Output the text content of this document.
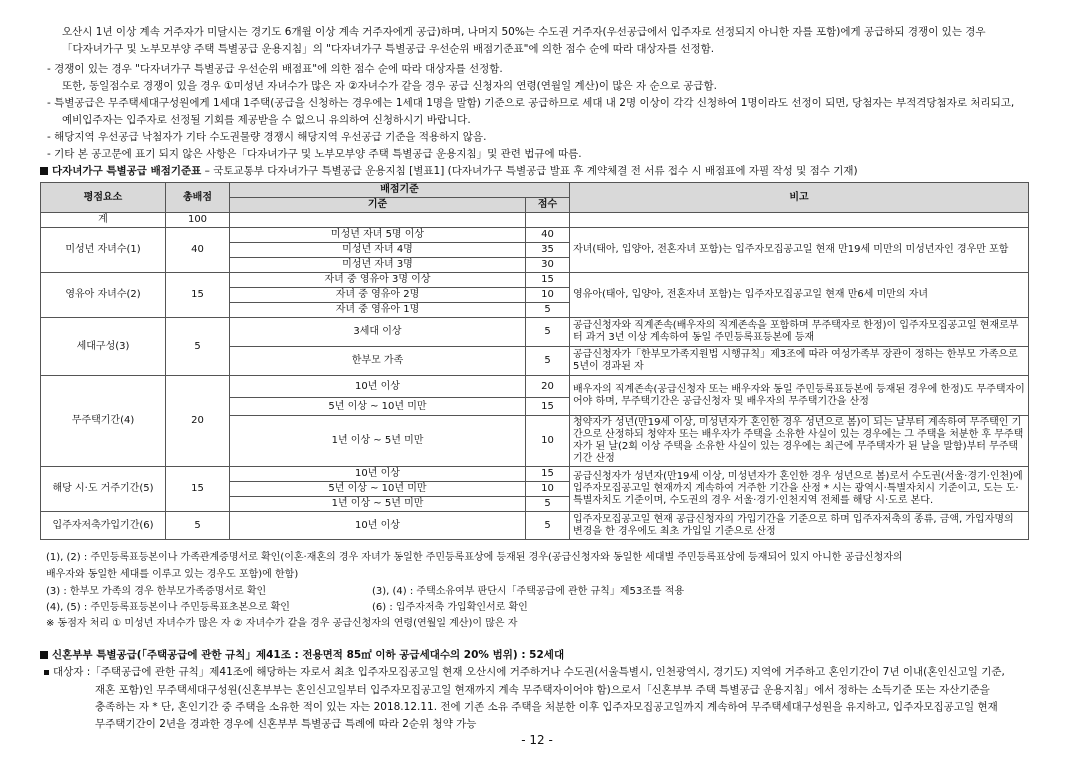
오산시 1년 이상 계속 거주자가 미달시는 경기도 6개월 이상 계속 거주자에게 공급)하며, 나머지 50%는 수도권 거주자(우선공급에서 입주자로 선정되지 아니한 자를 포함)에게 공급하되 경쟁이 있는 경우
「다자녀가구 및 노부모부양 주택 특별공급 운용지침」의 "다자녀가구 특별공급 우선순위 배점기준표"에 의한 점수 순에 따라 대상자를 선정함.
- 경쟁이 있는 경우 "다자녀가구 특별공급 우선순위 배점표"에 의한 점수 순에 따라 대상자를 선정함.
또한, 동일점수로 경쟁이 있을 경우 ①미성년 자녀수가 많은 자 ②자녀수가 같을 경우 공급 신청자의 연령(연월일 계산)이 많은 자 순으로 공급함.
- 특별공급은 무주택세대구성원에게 1세대 1주택(공급을 신청하는 경우에는 1세대 1명을 말함) 기준으로 공급하므로 세대 내 2명 이상이 각각 신청하여 1명이라도 선정이 되면, 당첨자는 부적격당첨자로 처리되고,
예비입주자는 입주자로 선정될 기회를 제공받을 수 없으니 유의하여 신청하시기 바랍니다.
- 해당지역 우선공급 낙첨자가 기타 수도권물량 경쟁시 해당지역 우선공급 기준을 적용하지 않음.
- 기타 본 공고문에 표기 되지 않은 사항은「다자녀가구 및 노부모부양 주택 특별공급 운용지침」및 관련 법규에 따름.
다자녀가구 특별공급 배점기준표 – 국토교통부 다자녀가구 특별공급 운용지침 [별표1] (다자녀가구 특별공급 발표 후 계약체결 전 서류 접수 시 배점표에 자필 작성 및 점수 기재)
평점요소	총배점	배점기준		비고
		기준	점수	
계	100			
미성년 자녀수(1)	40	미성년 자녀 5명 이상	40	자녀(태아, 입양아, 전혼자녀 포함)는 입주자모집공고일 현재 만19세 미만의 미성년자인 경우만 포함
		미성년 자녀 4명	35	
		미성년 자녀 3명	30	
영유아 자녀수(2)	15	자녀 중 영유아 3명 이상	15	영유아(태아, 입양아, 전혼자녀 포함)는 입주자모집공고일 현재 만6세 미만의 자녀
		자녀 중 영유아 2명	10	
		자녀 중 영유아 1명	5	
세대구성(3)	5	3세대 이상	5	공급신청자와 직계존속(배우자의 직계존속을 포함하며 무주택자로 한정)이 입주자모집공고일 현재로부터 과거 3년 이상 계속하여 동일 주민등록표등본에 등재
		한부모 가족	5	공급신청자가「한부모가족지원법 시행규칙」제3조에 따라 여성가족부 장관이 정하는 한부모 가족으로 5년이 경과된 자
무주택기간(4)	20	10년 이상	20	배우자의 직계존속(공급신청자 또는 배우자와 동일 주민등록표등본에 등재된 경우에 한정)도 무주택자이어야 하며, 무주택기간은 공급신청자 및 배우자의 무주택기간을 산정
		5년 이상 ~ 10년 미만	15	
		1년 이상 ~ 5년 미만	10	청약자가 성년(만19세 이상, 미성년자가 혼인한 경우 성년으로 봄)이 되는 날부터 계속하여 무주택인 기간으로 산정하되 청약자 또는 배우자가 주택을 소유한 사실이 있는 경우에는 그 주택을 처분한 후 무주택자가 된 날(2회 이상 주택을 소유한 사실이 있는 경우에는 최근에 무주택자가 된 날을 말함)부터 무주택 기간 산정
해당 시·도 거주기간(5)	15	10년 이상	15	공급신청자가 성년자(만19세 이상, 미성년자가 혼인한 경우 성년으로 봄)로서 수도권(서울·경기·인천)에 입주자모집공고일 현재까지 계속하여 거주한 기간을 산정 * 시는 광역시·특별자치시 기준이고, 도는 도·특별자치도 기준이며, 수도권의 경우 서울·경기·인천지역 전체를 해당 시·도로 본다.
		5년 이상 ~ 10년 미만	10	
		1년 이상 ~ 5년 미만	5	
입주자저축가입기간(6)	5	10년 이상	5	입주자모집공고일 현재 공급신청자의 가입기간을 기준으로 하며 입주자저축의 종류, 금액, 가입자명의 변경을 한 경우에도 최초 가입일 기준으로 산정
(1), (2) : 주민등록표등본이나 가족관계증명서로 확인(이혼·재혼의 경우 자녀가 동일한 주민등록표상에 등재된 경우(공급신청자와 동일한 세대별 주민등록표상에 등재되어 있지 아니한 공급신청자의
배우자와 동일한 세대를 이루고 있는 경우도 포함)에 한함)
(3) : 한부모 가족의 경우 한부모가족증명서로 확인	(3), (4) : 주택소유여부 판단시「주택공급에 관한 규칙」제53조를 적용
(4), (5) : 주민등록표등본이나 주민등록표초본으로 확인	(6) : 입주자저축 가입확인서로 확인
※ 동점자 처리 ① 미성년 자녀수가 많은 자 ② 자녀수가 같을 경우 공급신청자의 연령(연월일 계산)이 많은 자
신혼부부 특별공급(「주택공급에 관한 규칙」제41조 : 전용면적 85㎡ 이하 공급세대수의 20% 범위) : 52세대
대상자 :「주택공급에 관한 규칙」제41조에 해당하는 자로서 최초 입주자모집공고일 현재 오산시에 거주하거나 수도권(서울특별시, 인천광역시, 경기도) 지역에 거주하고 혼인기간이 7년 이내(혼인신고일 기준,
재혼 포함)인 무주택세대구성원(신혼부부는 혼인신고일부터 입주자모집공고일 현재까지 계속 무주택자이어야 함)으로서「신혼부부 주택 특별공급 운용지침」에서 정하는 소득기준 또는 자산기준을
충족하는 자 * 단, 혼인기간 중 주택을 소유한 적이 있는 자는 2018.12.11. 전에 기존 소유 주택을 처분한 이후 입주자모집공고일까지 계속하여 무주택세대구성원을 유지하고, 입주자모집공고일 현재
무주택기간이 2년을 경과한 경우에 신혼부부 특별공급 특례에 따라 2순위 청약 가능
- 12 -
